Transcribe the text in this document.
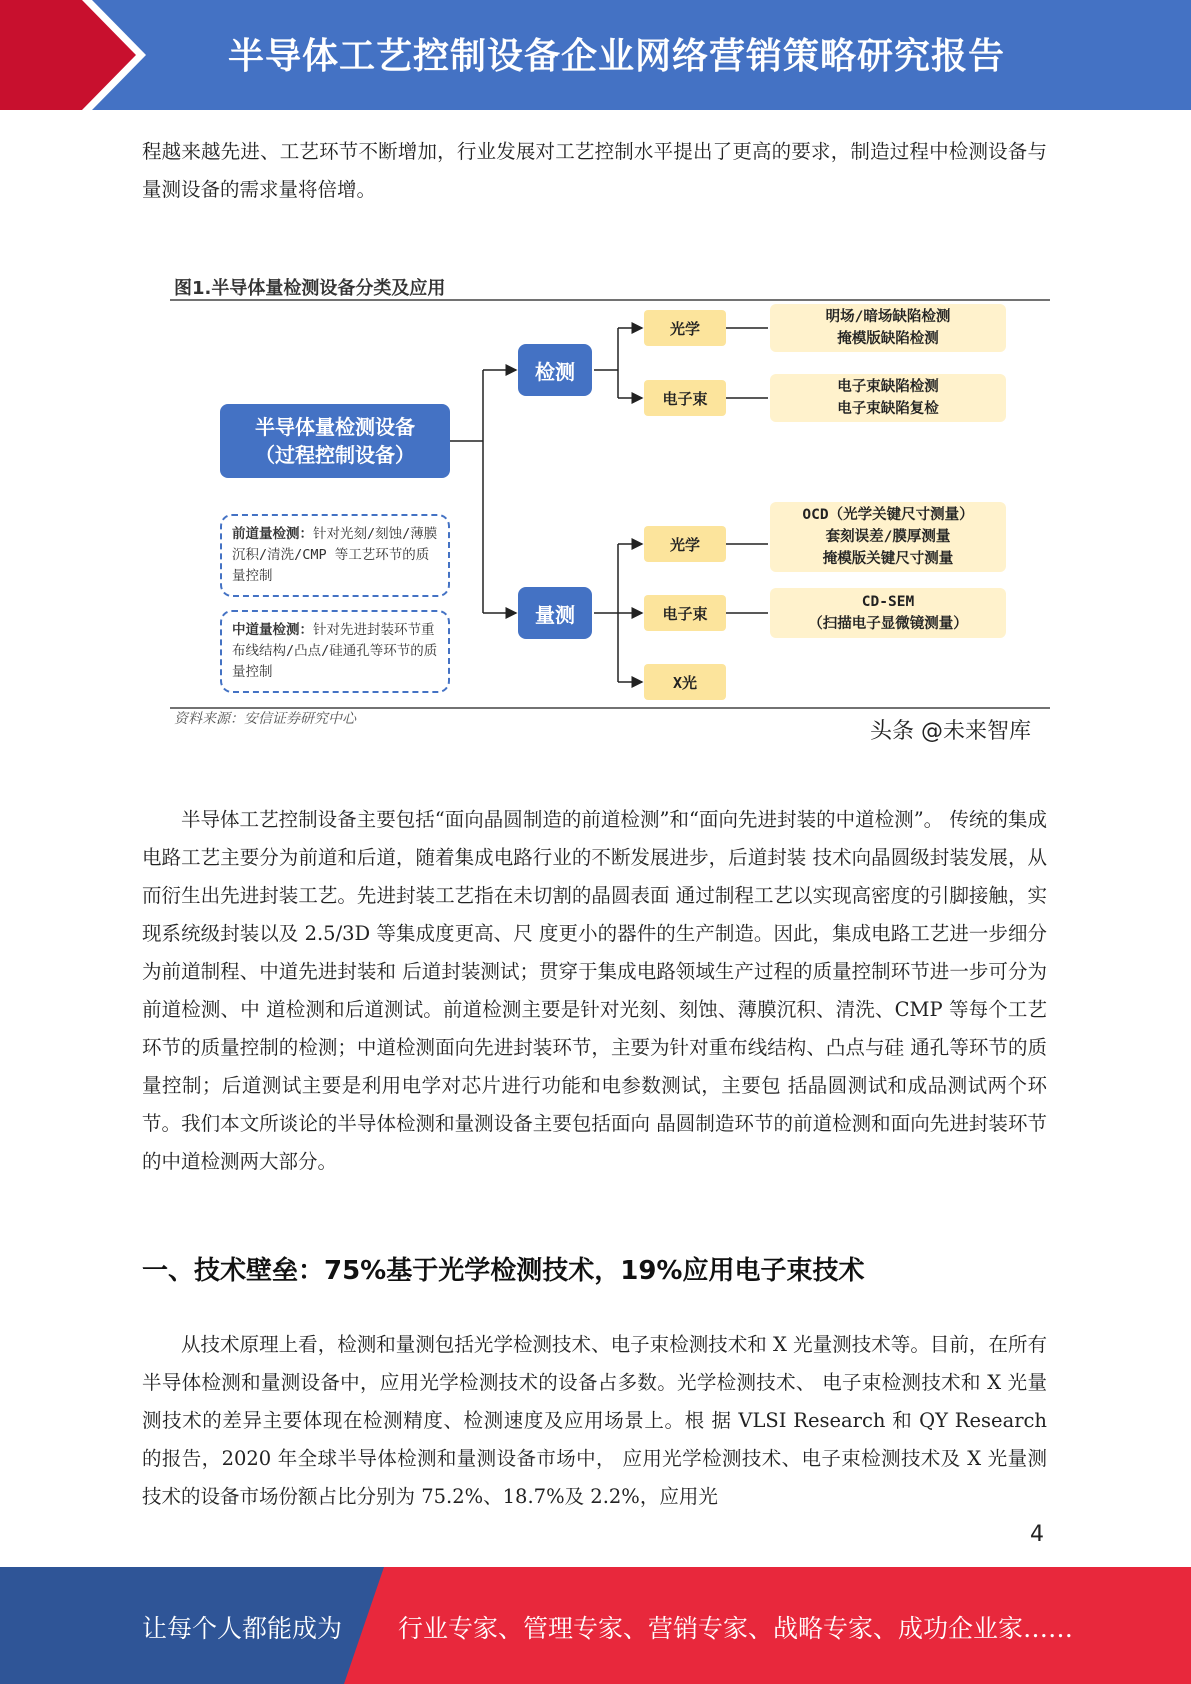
半导体工艺控制设备企业网络营销策略研究报告

程越来越先进、工艺环节不断增加，行业发展对工艺控制水平提出了更高的要求，制造过程中检测设备与量测设备的需求量将倍增。

图1.半导体量检测设备分类及应用
半导体量检测设备
（过程控制设备）
前道量检测：针对光刻/刻蚀/薄膜沉积/清洗/CMP 等工艺环节的质量控制
中道量检测：针对先进封装环节重布线结构/凸点/硅通孔等环节的质量控制
检测
量测
光学
电子束
光学
电子束
X光
明场/暗场缺陷检测
掩模版缺陷检测
电子束缺陷检测
电子束缺陷复检
OCD（光学关键尺寸测量）
套刻误差/膜厚测量
掩模版关键尺寸测量
CD-SEM
（扫描电子显微镜测量）
资料来源：安信证券研究中心	头条 @未来智库

半导体工艺控制设备主要包括“面向晶圆制造的前道检测”和“面向先进封装的中道检测”。 传统的集成电路工艺主要分为前道和后道，随着集成电路行业的不断发展进步，后道封装 技术向晶圆级封装发展，从而衍生出先进封装工艺。先进封装工艺指在未切割的晶圆表面 通过制程工艺以实现高密度的引脚接触，实现系统级封装以及 2.5/3D 等集成度更高、尺 度更小的器件的生产制造。因此，集成电路工艺进一步细分为前道制程、中道先进封装和 后道封装测试；贯穿于集成电路领域生产过程的质量控制环节进一步可分为前道检测、中 道检测和后道测试。前道检测主要是针对光刻、刻蚀、薄膜沉积、清洗、CMP 等每个工艺 环节的质量控制的检测；中道检测面向先进封装环节，主要为针对重布线结构、凸点与硅 通孔等环节的质量控制；后道测试主要是利用电学对芯片进行功能和电参数测试，主要包 括晶圆测试和成品测试两个环节。我们本文所谈论的半导体检测和量测设备主要包括面向 晶圆制造环节的前道检测和面向先进封装环节的中道检测两大部分。

一、技术壁垒：75%基于光学检测技术，19%应用电子束技术

从技术原理上看，检测和量测包括光学检测技术、电子束检测技术和 X 光量测技术等。目前，在所有半导体检测和量测设备中，应用光学检测技术的设备占多数。光学检测技术、 电子束检测技术和 X 光量测技术的差异主要体现在检测精度、检测速度及应用场景上。根 据 VLSI Research 和 QY Research 的报告，2020 年全球半导体检测和量测设备市场中， 应用光学检测技术、电子束检测技术及 X 光量测技术的设备市场份额占比分别为 75.2%、18.7%及 2.2%，应用光

4
让每个人都能成为 行业专家、管理专家、营销专家、战略专家、成功企业家……
